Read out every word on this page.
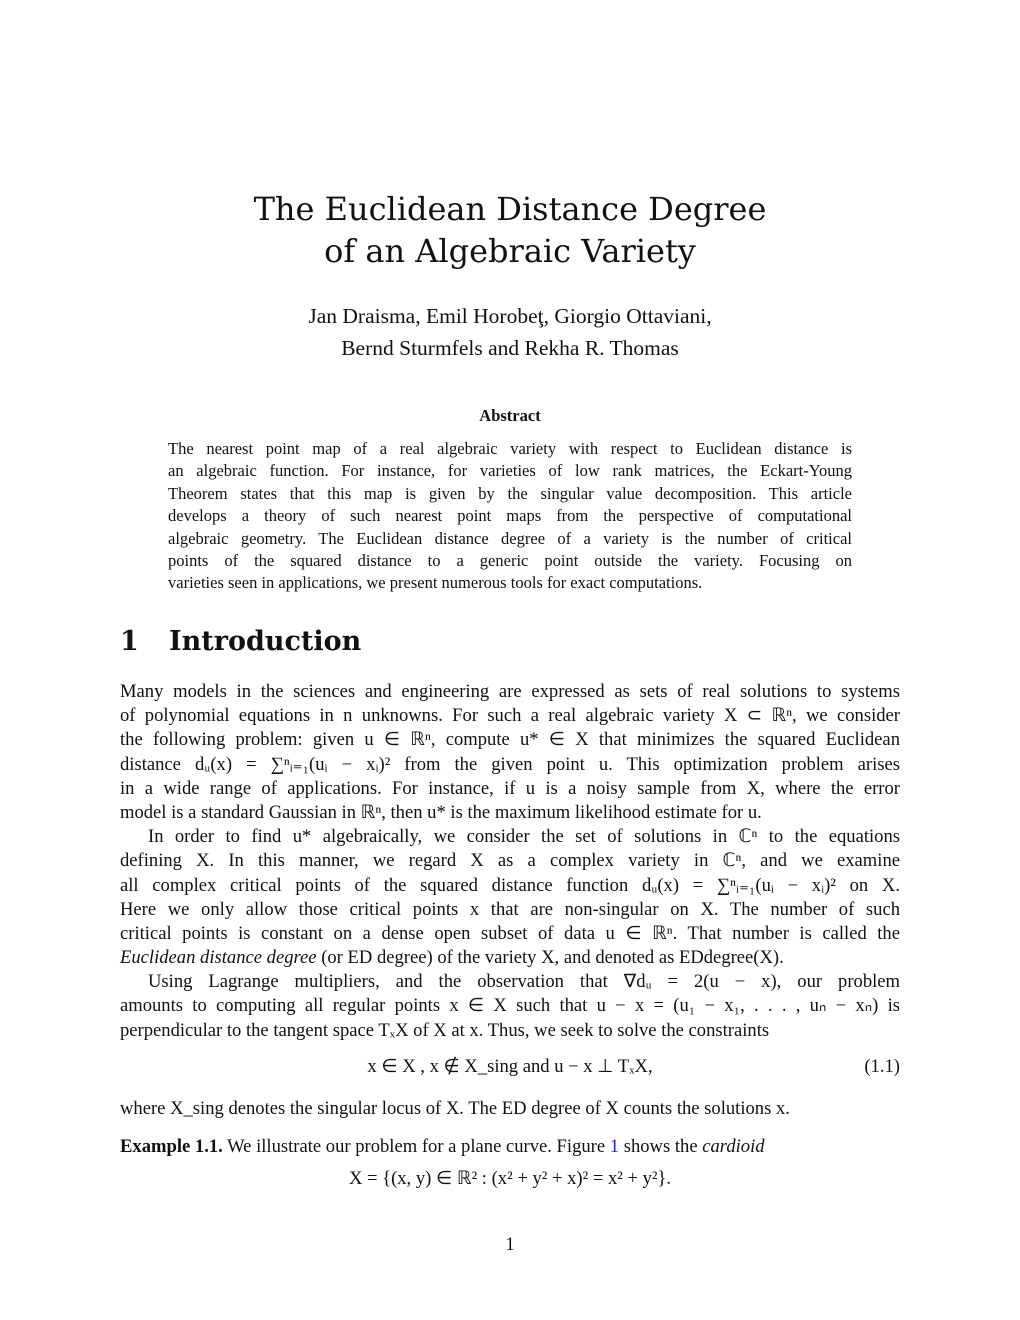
The Euclidean Distance Degree
of an Algebraic Variety
Jan Draisma, Emil Horobeţ, Giorgio Ottaviani,
Bernd Sturmfels and Rekha R. Thomas
Abstract
The nearest point map of a real algebraic variety with respect to Euclidean distance is
an algebraic function. For instance, for varieties of low rank matrices, the Eckart-Young
Theorem states that this map is given by the singular value decomposition. This article
develops a theory of such nearest point maps from the perspective of computational
algebraic geometry. The Euclidean distance degree of a variety is the number of critical
points of the squared distance to a generic point outside the variety. Focusing on
varieties seen in applications, we present numerous tools for exact computations.
1 Introduction
Many models in the sciences and engineering are expressed as sets of real solutions to systems
of polynomial equations in n unknowns. For such a real algebraic variety X ⊂ ℝⁿ, we consider
the following problem: given u ∈ ℝⁿ, compute u* ∈ X that minimizes the squared Euclidean
distance dᵤ(x) = ∑ⁿᵢ₌₁(uᵢ − xᵢ)² from the given point u. This optimization problem arises
in a wide range of applications. For instance, if u is a noisy sample from X, where the error
model is a standard Gaussian in ℝⁿ, then u* is the maximum likelihood estimate for u.
In order to find u* algebraically, we consider the set of solutions in ℂⁿ to the equations
defining X. In this manner, we regard X as a complex variety in ℂⁿ, and we examine
all complex critical points of the squared distance function dᵤ(x) = ∑ⁿᵢ₌₁(uᵢ − xᵢ)² on X.
Here we only allow those critical points x that are non-singular on X. The number of such
critical points is constant on a dense open subset of data u ∈ ℝⁿ. That number is called the
Euclidean distance degree (or ED degree) of the variety X, and denoted as EDdegree(X).
Using Lagrange multipliers, and the observation that ∇dᵤ = 2(u − x), our problem
amounts to computing all regular points x ∈ X such that u − x = (u₁ − x₁, . . . , uₙ − xₙ) is
perpendicular to the tangent space TₓX of X at x. Thus, we seek to solve the constraints
x ∈ X , x ∉ X_sing and u − x ⊥ TₓX,	(1.1)
where X_sing denotes the singular locus of X. The ED degree of X counts the solutions x.
Example 1.1. We illustrate our problem for a plane curve. Figure 1 shows the cardioid
X = {(x, y) ∈ ℝ² : (x² + y² + x)² = x² + y²}.
1
